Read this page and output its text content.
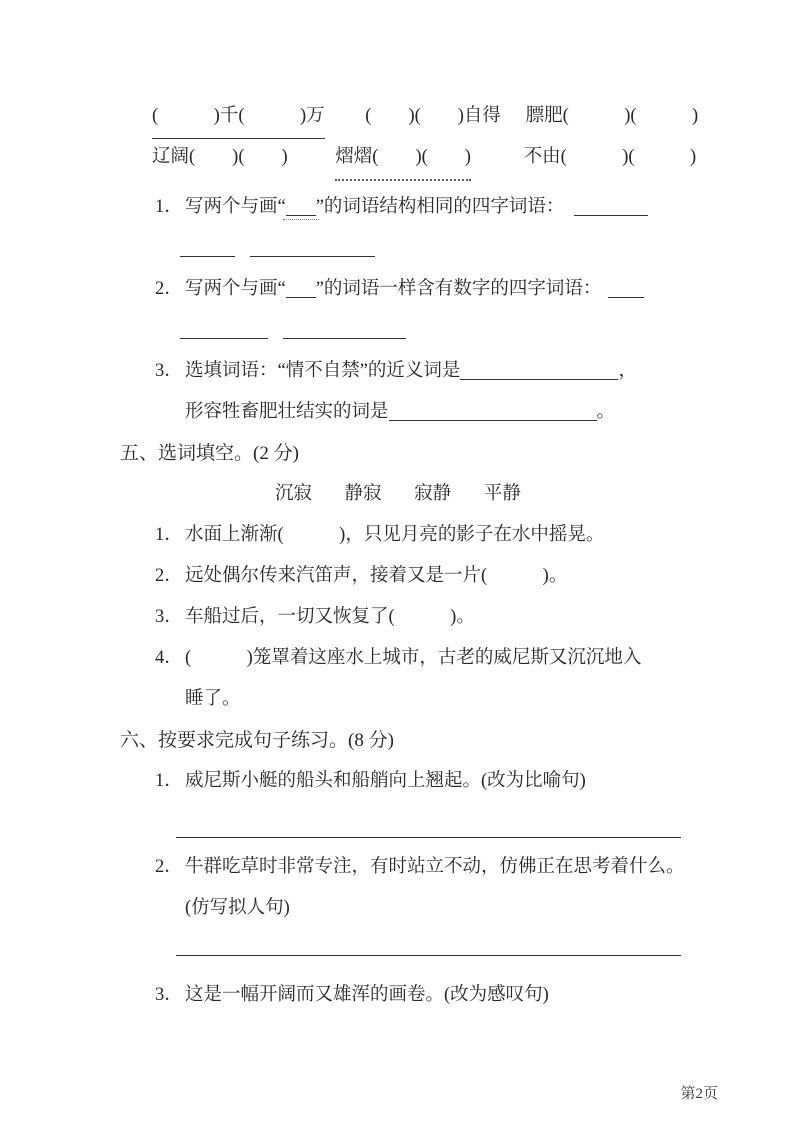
(　　　)千(　　　)万 (　　)(　　)自得 膘肥(　　　)(　　　)
辽阔(　　)(　　)	熠熠(　　)(　　)	不由(　　　)(　　　)
1． 写两个与画“ ”的词语结构相同的四字词语：
2． 写两个与画“ ”的词语一样含有数字的四字词语：
3． 选填词语：“情不自禁”的近义词是	，
形容牲畜肥壮结实的词是	。
五、选词填空。(2 分)
沉寂 静寂 寂静 平静
1． 水面上渐渐(　　　)，只见月亮的影子在水中摇晃。
2． 远处偶尔传来汽笛声，接着又是一片(　　　)。
3． 车船过后，一切又恢复了(　　　)。
4． (　　　)笼罩着这座水上城市，古老的威尼斯又沉沉地入
睡了。
六、按要求完成句子练习。(8 分)
1． 威尼斯小艇的船头和船艄向上翘起。(改为比喻句)
2． 牛群吃草时非常专注，有时站立不动，仿佛正在思考着什么。
(仿写拟人句)
3． 这是一幅开阔而又雄浑的画卷。(改为感叹句)
第2页
